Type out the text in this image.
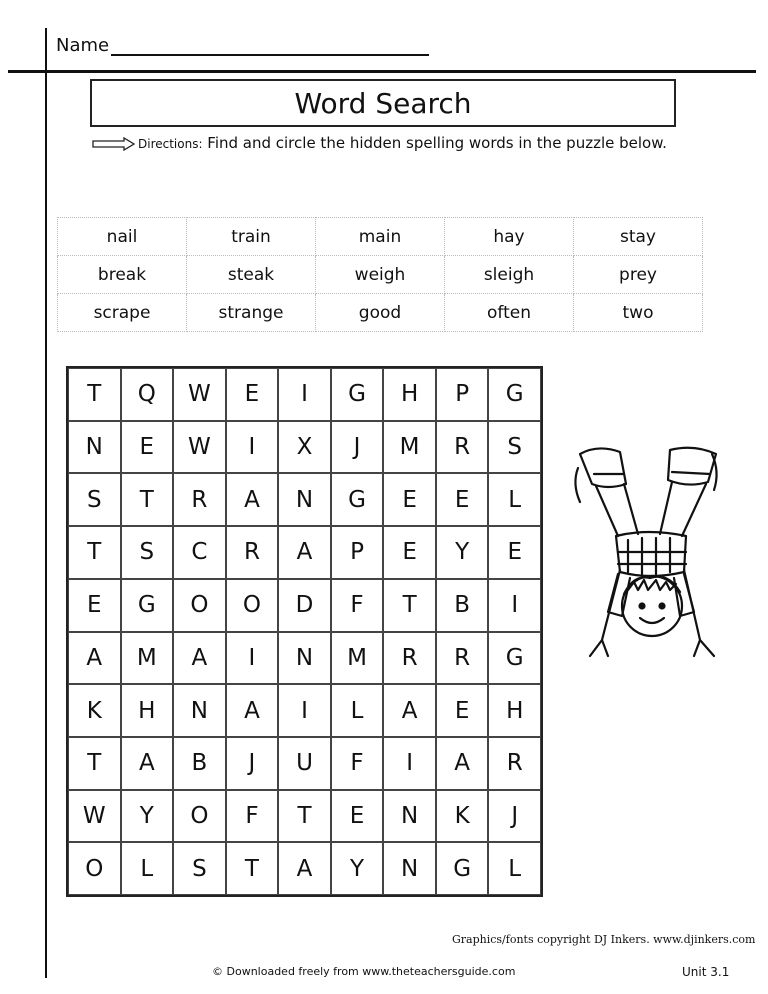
Name
Word Search
Directions: Find and circle the hidden spelling words in the puzzle below.
nail	train	main	hay	stay
break	steak	weigh	sleigh	prey
scrape	strange	good	often	two
T	Q	W	E	I	G	H	P	G
N	E	W	I	X	J	M	R	S
S	T	R	A	N	G	E	E	L
T	S	C	R	A	P	E	Y	E
E	G	O	O	D	F	T	B	I
A	M	A	I	N	M	R	R	G
K	H	N	A	I	L	A	E	H
T	A	B	J	U	F	I	A	R
W	Y	O	F	T	E	N	K	J
O	L	S	T	A	Y	N	G	L
Graphics/fonts copyright DJ Inkers. www.djinkers.com
© Downloaded freely from www.theteachersguide.com	Unit 3.1
